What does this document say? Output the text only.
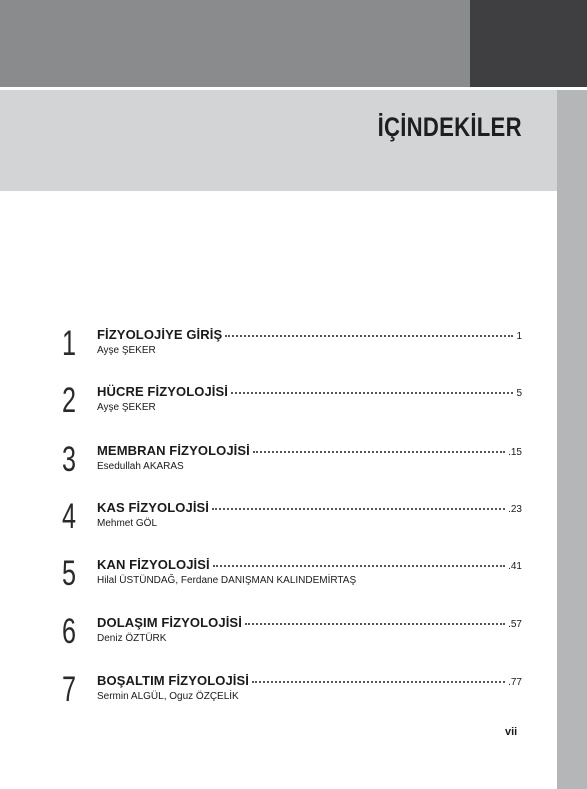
İÇİNDEKİLER
1 FİZYOLOJİYE GİRİŞ	1
Ayşe ŞEKER
2 HÜCRE FİZYOLOJİSİ	5
Ayşe ŞEKER
3 MEMBRAN FİZYOLOJİSİ	.15
Esedullah AKARAS
4 KAS FİZYOLOJİSİ	.23
Mehmet GÖL
5 KAN FİZYOLOJİSİ	.41
Hilal ÜSTÜNDAĞ, Ferdane DANIŞMAN KALINDEMİRTAŞ
6 DOLAŞIM FİZYOLOJİSİ	.57
Deniz ÖZTÜRK
7 BOŞALTIM FİZYOLOJİSİ	.77
Sermin ALGÜL, Oguz ÖZÇELİK
vii
